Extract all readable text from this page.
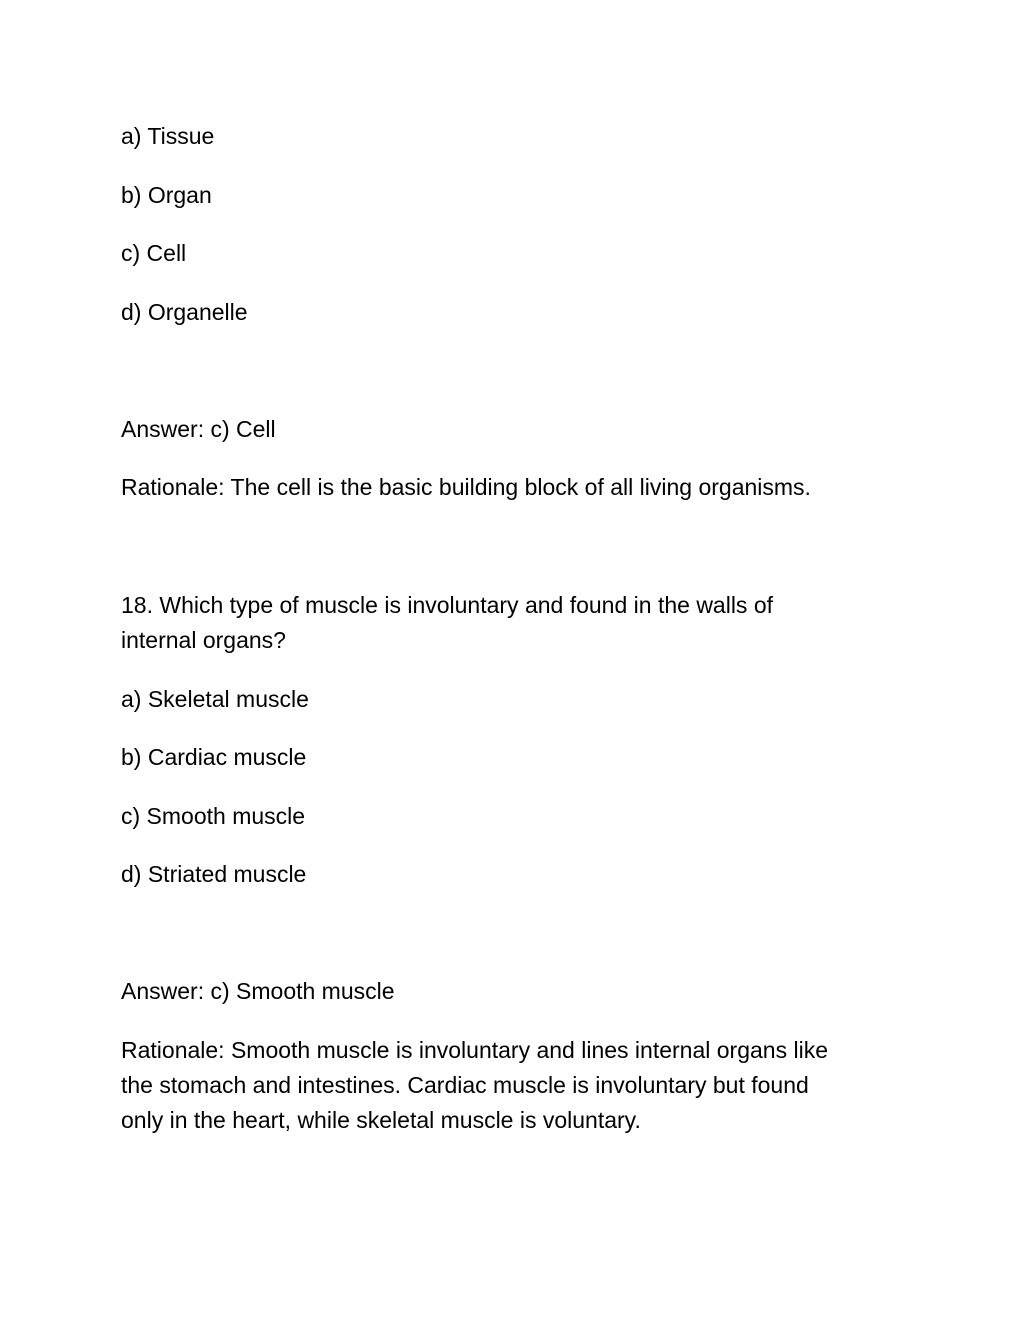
a) Tissue
b) Organ
c) Cell
d) Organelle
Answer: c) Cell
Rationale: The cell is the basic building block of all living organisms.
18. Which type of muscle is involuntary and found in the walls of
internal organs?
a) Skeletal muscle
b) Cardiac muscle
c) Smooth muscle
d) Striated muscle
Answer: c) Smooth muscle
Rationale: Smooth muscle is involuntary and lines internal organs like
the stomach and intestines. Cardiac muscle is involuntary but found
only in the heart, while skeletal muscle is voluntary.
